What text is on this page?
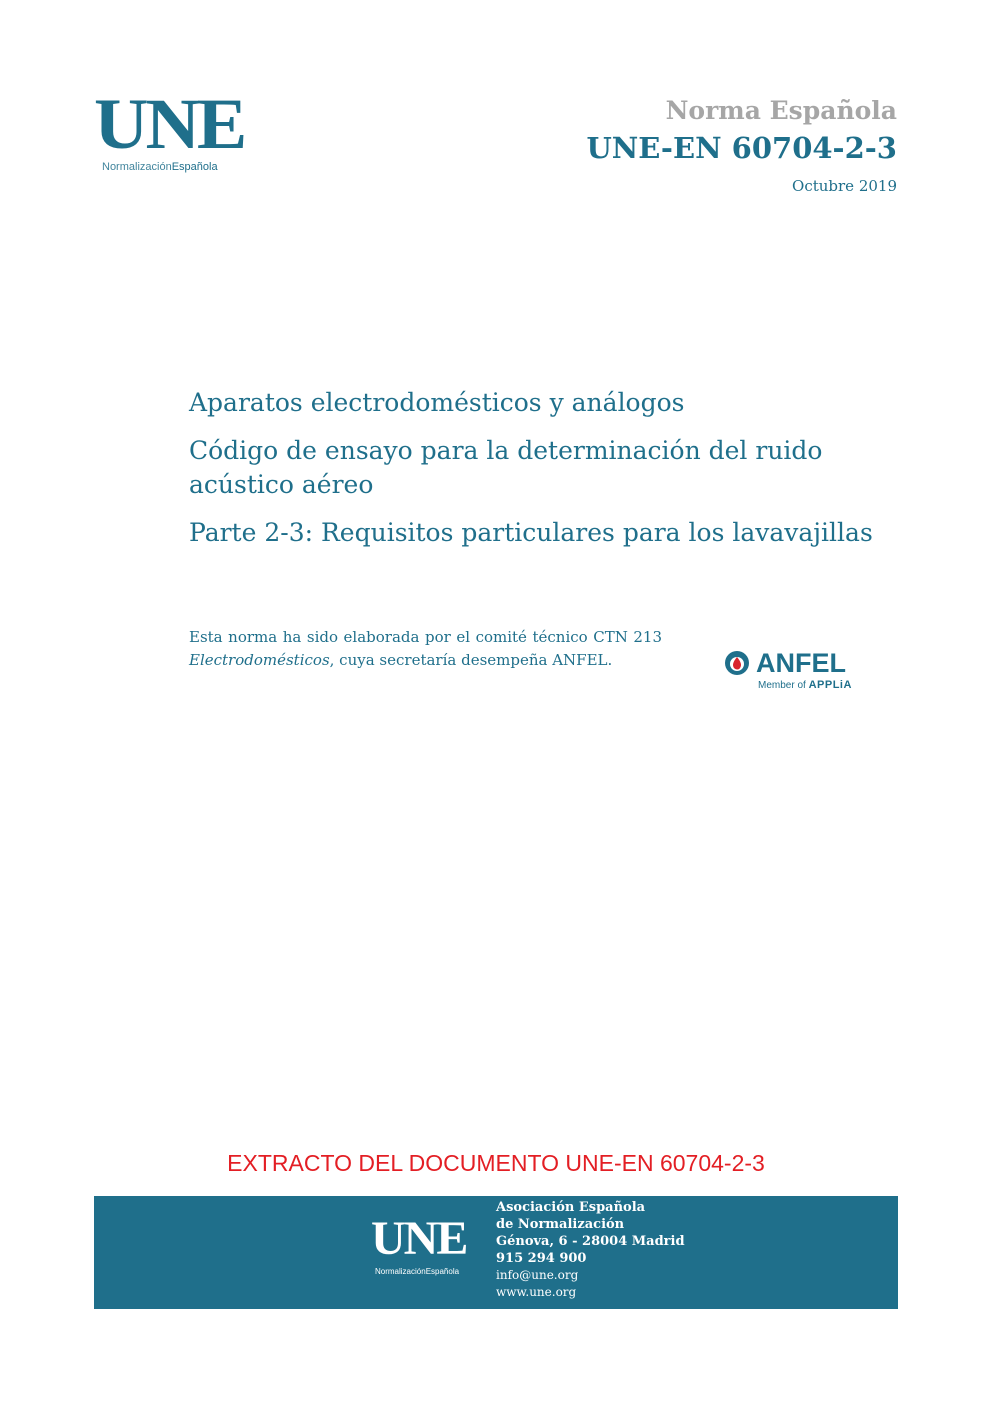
UNE
NormalizaciónEspañola
Norma Española
UNE-EN 60704-2-3
Octubre 2019

Aparatos electrodomésticos y análogos

Código de ensayo para la determinación del ruido acústico aéreo

Parte 2-3: Requisitos particulares para los lavavajillas

Esta norma ha sido elaborada por el comité técnico CTN 213 Electrodomésticos, cuya secretaría desempeña ANFEL.	ANFEL
Member of APPLiA
EXTRACTO DEL DOCUMENTO UNE-EN 60704-2-3
UNE
NormalizaciónEspañola
Asociación Española
de Normalización
Génova, 6 - 28004 Madrid
915 294 900
info@une.org
www.une.org
